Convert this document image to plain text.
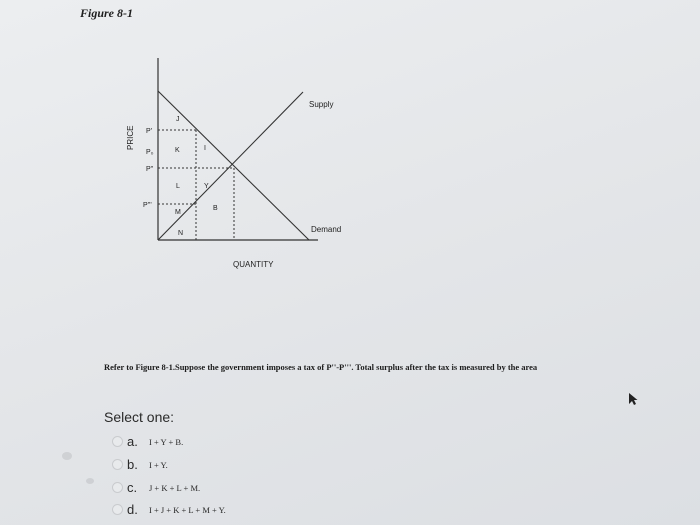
Figure 8-1
PRICE
QUANTITY
P'
P₀
P"
P'''
Supply
Demand
J
K	I
L	Y
M
B
N
Refer to Figure 8-1.Suppose the government imposes a tax of P''-P'''. Total surplus after the tax is measured by the area
Select one:
a.	I + Y + B.
b.	I + Y.
c.	J + K + L + M.
d.	I + J + K + L + M + Y.
